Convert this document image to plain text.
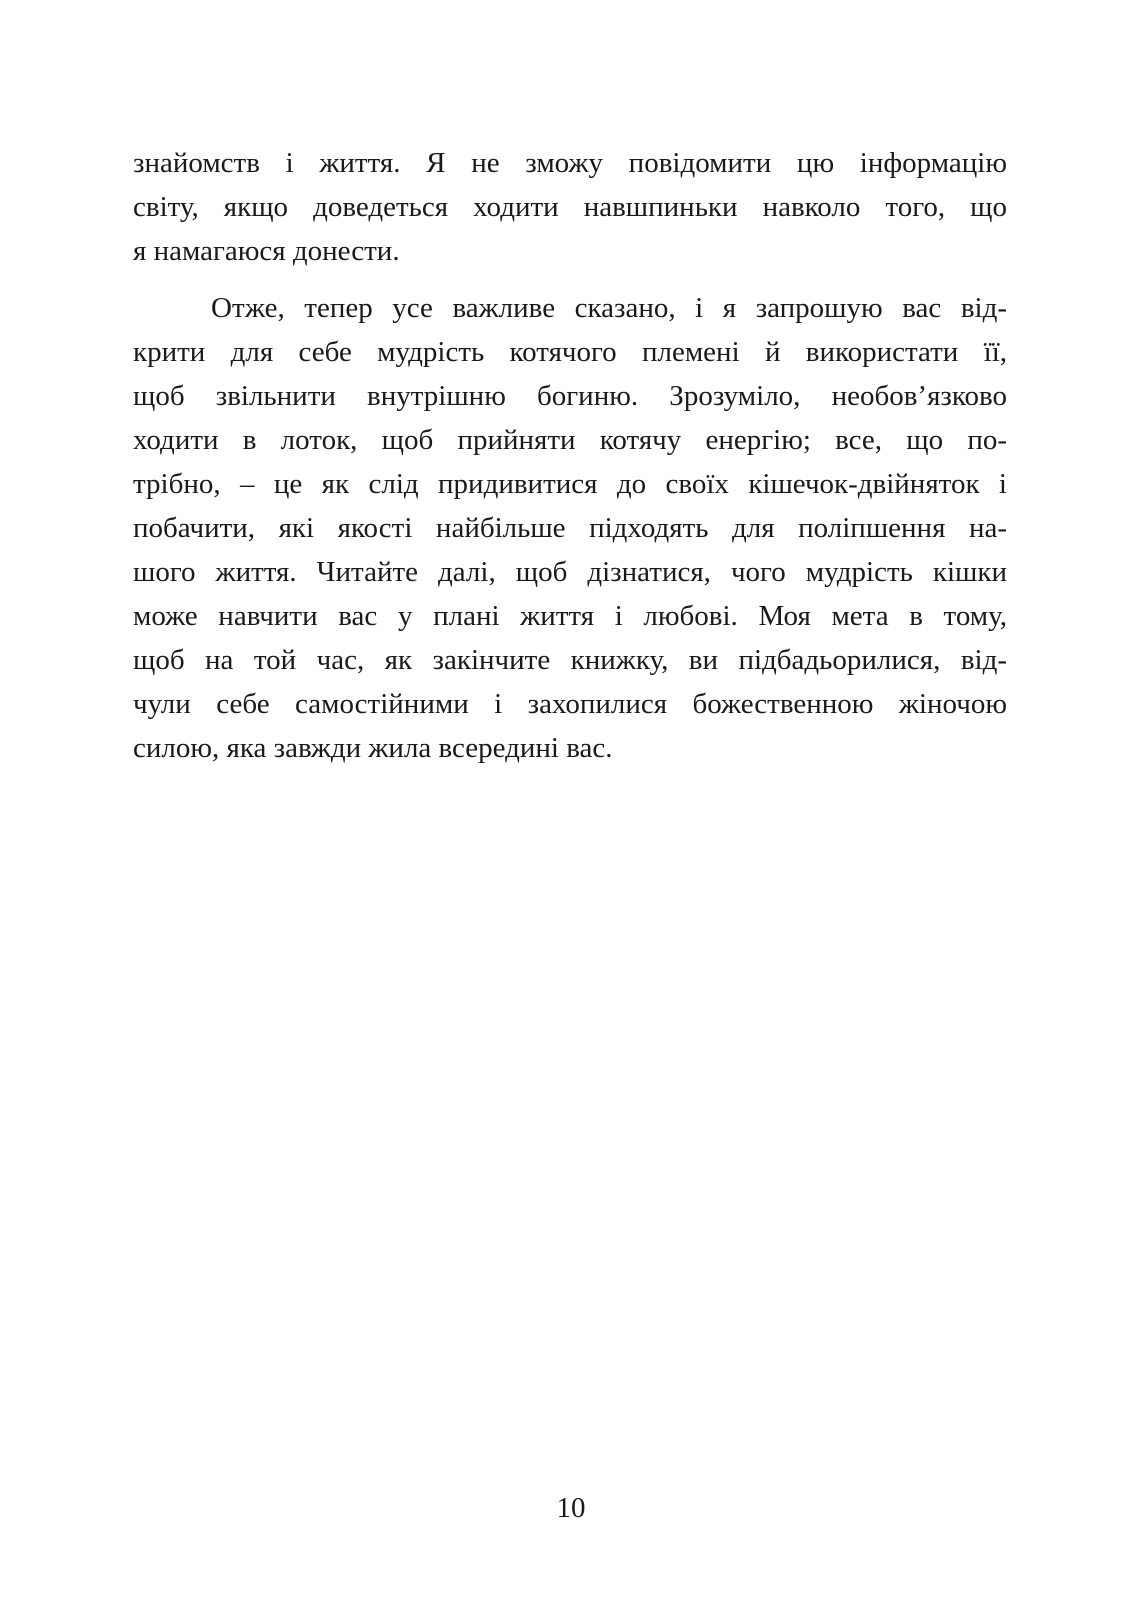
знайомств і життя. Я не зможу повідомити цю інформацію
світу, якщо доведеться ходити навшпиньки навколо того, що
я намагаюся донести.
Отже, тепер усе важливе сказано, і я запрошую вас від-
крити для себе мудрість котячого племені й використати її,
щоб звільнити внутрішню богиню. Зрозуміло, необов’язково
ходити в лоток, щоб прийняти котячу енергію; все, що по-
трібно, – це як слід придивитися до своїх кішечок-двійняток і
побачити, які якості найбільше підходять для поліпшення на-
шого життя. Читайте далі, щоб дізнатися, чого мудрість кішки
може навчити вас у плані життя і любові. Моя мета в тому,
щоб на той час, як закінчите книжку, ви підбадьорилися, від-
чули себе самостійними і захопилися божественною жіночою
силою, яка завжди жила всередині вас.
10
